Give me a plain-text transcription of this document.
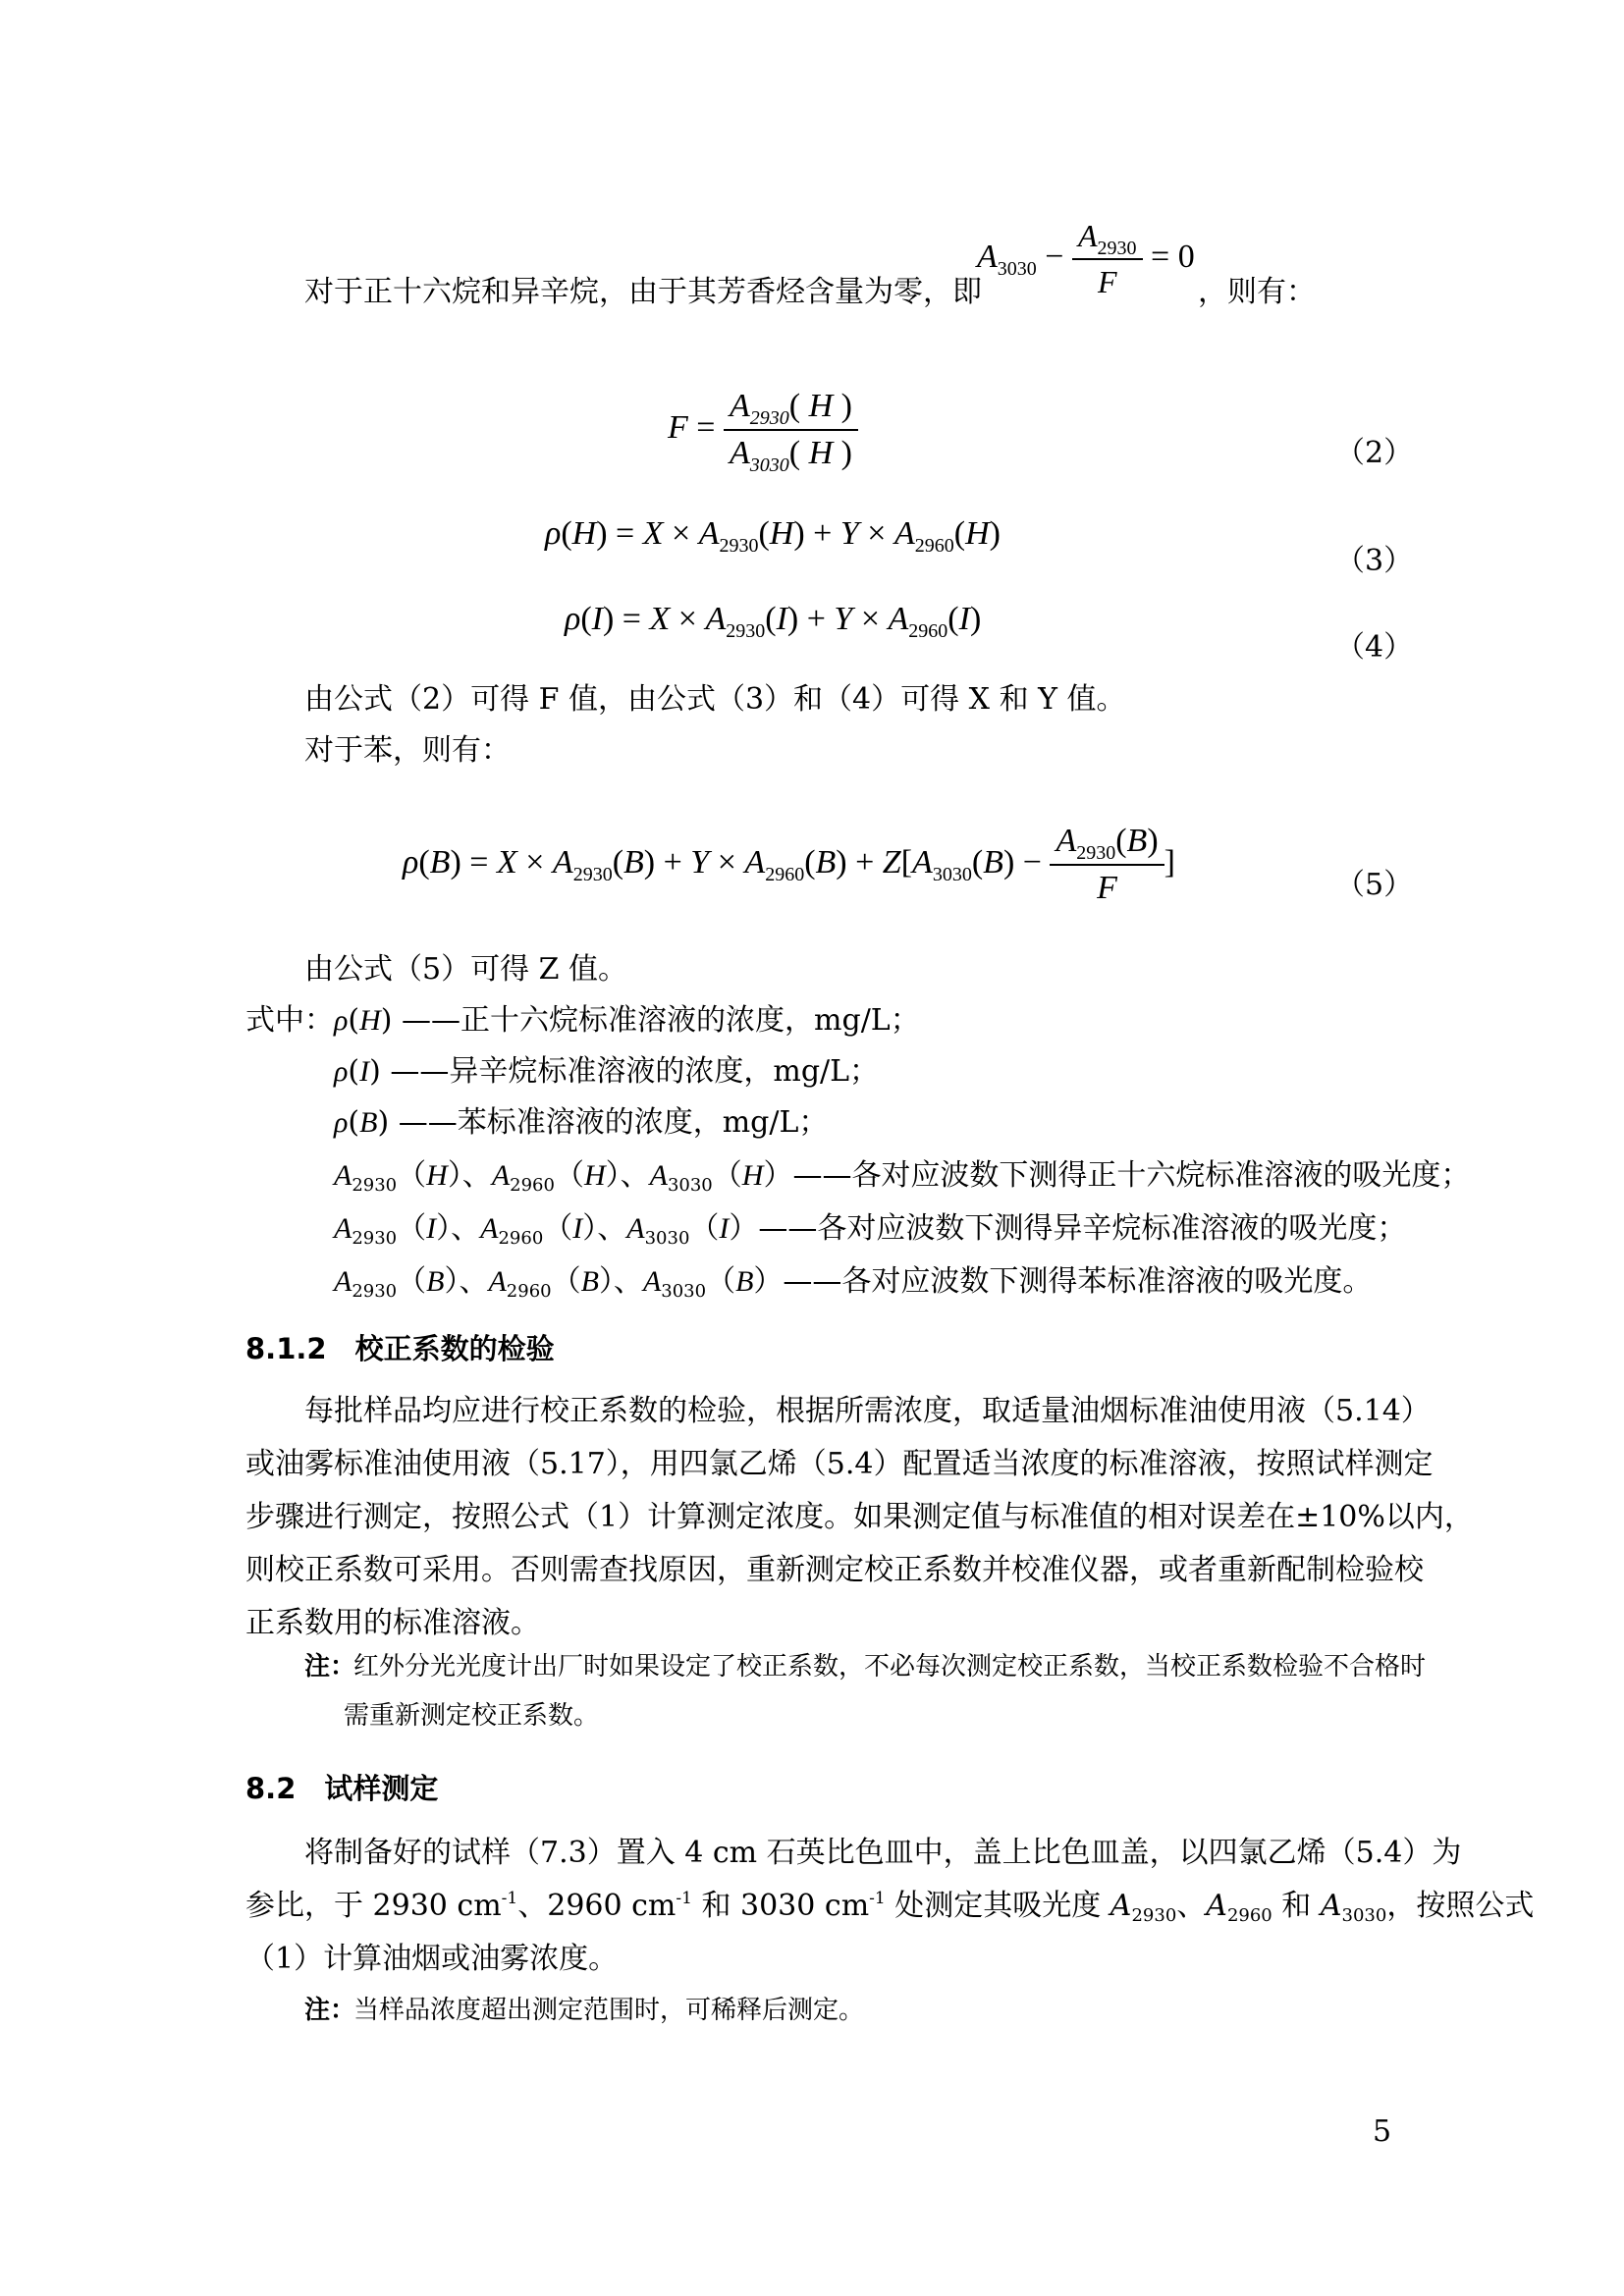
对于正十六烷和异辛烷，由于其芳香烃含量为零，即
$A_{3030} - \frac{A_{2930}}{F} = 0$
，则有：
$F = \frac{A_{2930}( H )}{A_{3030}( H )}$	（2）
$\rho(H) = X \times A_{2930}(H) + Y \times A_{2960}(H)$
（3）
$\rho(I) = X \times A_{2930}(I) + Y \times A_{2960}(I)$
（4）
由公式（2）可得 F 值，由公式（3）和（4）可得 X 和 Y 值。
对于苯，则有：
$\rho(B) = X \times A_{2930}(B) + Y \times A_{2960}(B) + Z[A_{3030}(B) - \frac{A_{2930}(B)}{F}$ ]
（5）
由公式（5）可得 Z 值。
式中： ρ(H) ——正十六烷标准溶液的浓度，mg/L；
ρ(I) ——异辛烷标准溶液的浓度，mg/L；
ρ(B) ——苯标准溶液的浓度，mg/L；
$A_{2930}(H)$、$A_{2960}(H)$、$A_{3030}(H)——$各对应波数下测得正十六烷标准溶液的吸光度；
$A_{2930}(I)$、$A_{2960}(I)$、$A_{3030}(I)——$各对应波数下测得异辛烷标准溶液的吸光度；
$A_{2930}(B)$、$A_{2960}(B)$、$A_{3030}(B)——$各对应波数下测得苯标准溶液的吸光度。
8.1.2　校正系数的检验
每批样品均应进行校正系数的检验，根据所需浓度，取适量油烟标准油使用液（5.14）
或油雾标准油使用液（5.17），用四氯乙烯（5.4）配置适当浓度的标准溶液，按照试样测定
步骤进行测定，按照公式（1）计算测定浓度。如果测定值与标准值的相对误差在±10%以内，
则校正系数可采用。否则需查找原因，重新测定校正系数并校准仪器，或者重新配制检验校
正系数用的标准溶液。
注：
红外分光光度计出厂时如果设定了校正系数，不必每次测定校正系数，当校正系数检验不合格时
需重新测定校正系数。
8.2　试样测定
将制备好的试样（7.3）置入 4 cm 石英比色皿中，盖上比色皿盖，以四氯乙烯（5.4）为
参比，于 2930 $cm^{-1}$、2960 $cm^{-1}$ 和 3030 $cm^{-1}$ 处测定其吸光度 $A_{2930}$、$A_{2960}$ 和 $A_{3030}$，按照公式
（1）计算油烟或油雾浓度。
注：
当样品浓度超出测定范围时，可稀释后测定。
5
